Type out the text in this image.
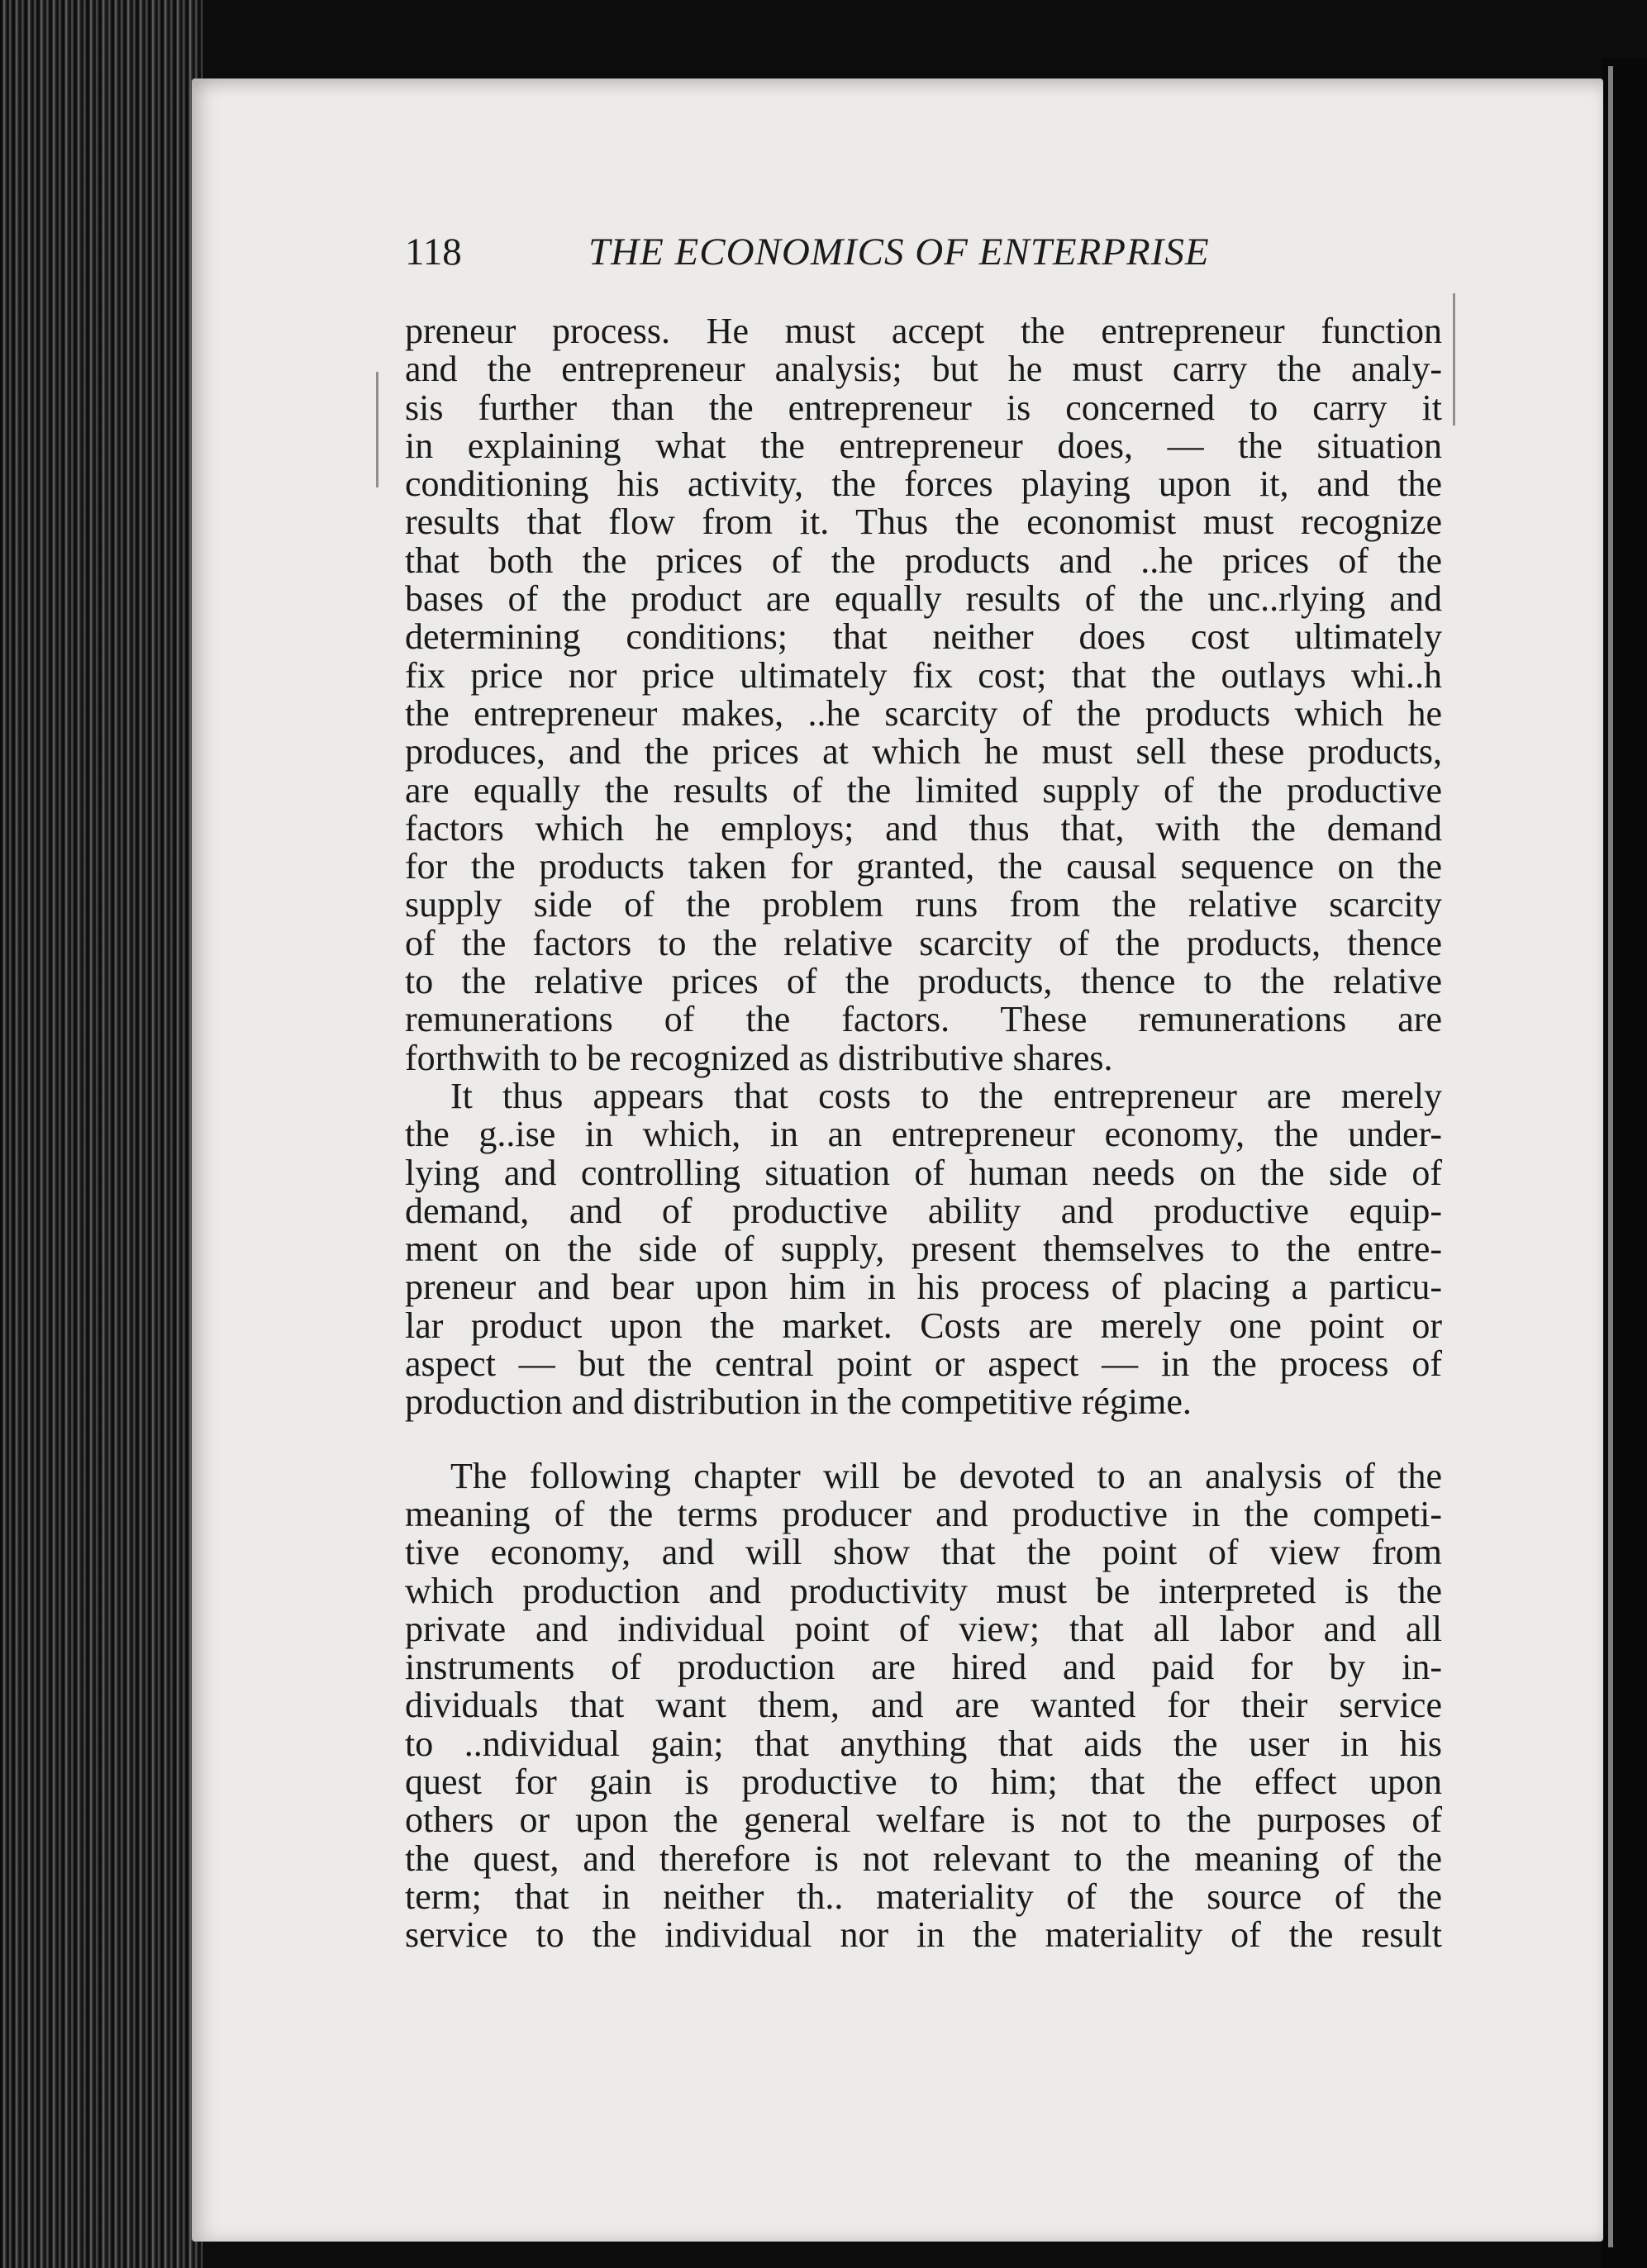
118	THE ECONOMICS OF ENTERPRISE
preneur process. He must accept the entrepreneur function
and the entrepreneur analysis; but he must carry the analy-
sis further than the entrepreneur is concerned to carry it
in explaining what the entrepreneur does, — the situation
conditioning his activity, the forces playing upon it, and the
results that flow from it. Thus the economist must recognize
that both the prices of the products and ..he prices of the
bases of the product are equally results of the unc..rlying and
determining conditions; that neither does cost ultimately
fix price nor price ultimately fix cost; that the outlays whi..h
the entrepreneur makes, ..he scarcity of the products which he
produces, and the prices at which he must sell these products,
are equally the results of the limited supply of the productive
factors which he employs; and thus that, with the demand
for the products taken for granted, the causal sequence on the
supply side of the problem runs from the relative scarcity
of the factors to the relative scarcity of the products, thence
to the relative prices of the products, thence to the relative
remunerations of the factors. These remunerations are
forthwith to be recognized as distributive shares.
It thus appears that costs to the entrepreneur are merely
the g..ise in which, in an entrepreneur economy, the under-
lying and controlling situation of human needs on the side of
demand, and of productive ability and productive equip-
ment on the side of supply, present themselves to the entre-
preneur and bear upon him in his process of placing a particu-
lar product upon the market. Costs are merely one point or
aspect — but the central point or aspect — in the process of
production and distribution in the competitive régime.
The following chapter will be devoted to an analysis of the
meaning of the terms producer and productive in the competi-
tive economy, and will show that the point of view from
which production and productivity must be interpreted is the
private and individual point of view; that all labor and all
instruments of production are hired and paid for by in-
dividuals that want them, and are wanted for their service
to ..ndividual gain; that anything that aids the user in his
quest for gain is productive to him; that the effect upon
others or upon the general welfare is not to the purposes of
the quest, and therefore is not relevant to the meaning of the
term; that in neither th.. materiality of the source of the
service to the individual nor in the materiality of the result
